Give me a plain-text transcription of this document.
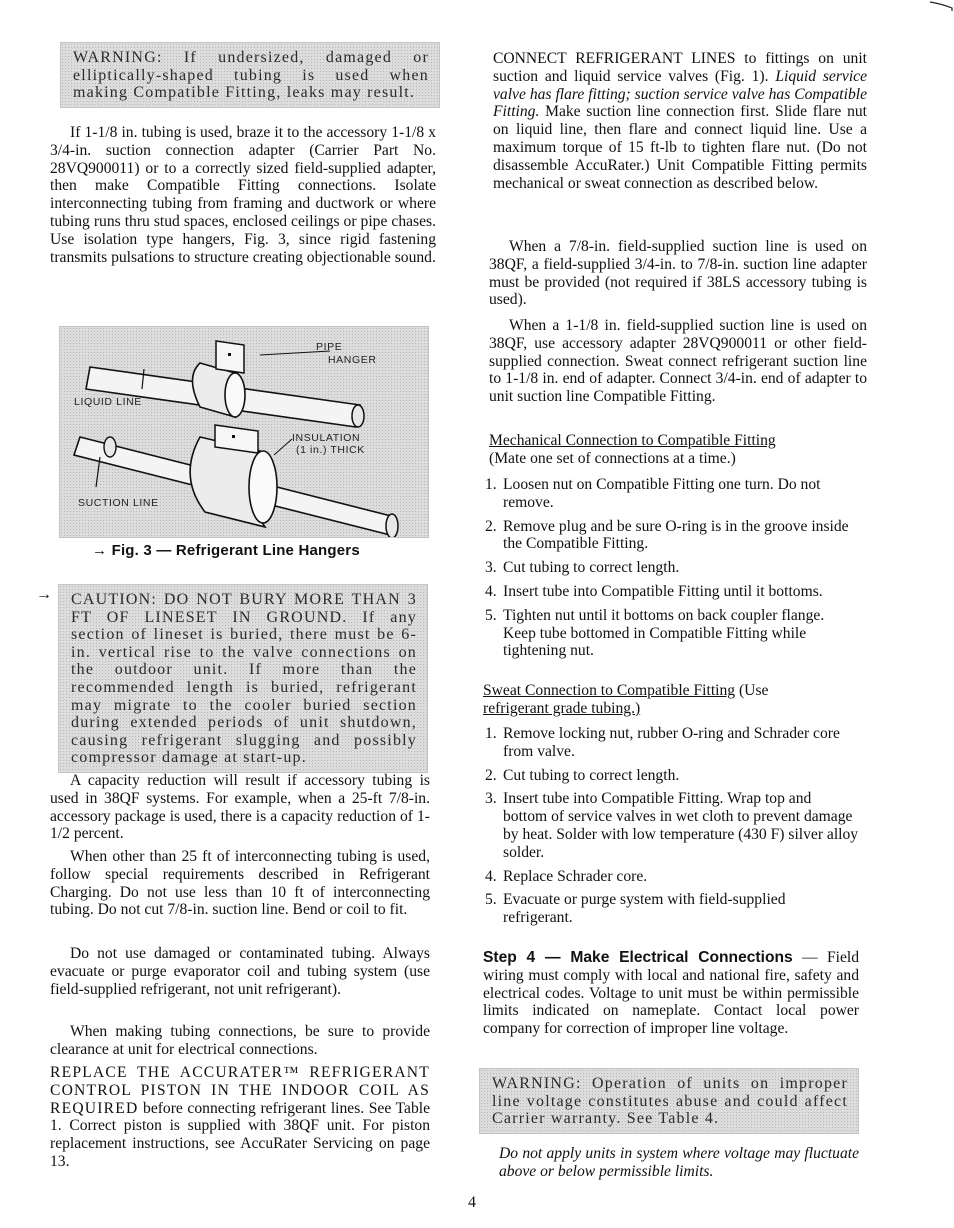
WARNING: If undersized, damaged or elliptically-shaped tubing is used when making Compatible Fitting, leaks may result.

If 1-1/8 in. tubing is used, braze it to the accessory 1-1/8 x 3/4-in. suction connection adapter (Carrier Part No. 28VQ900011) or to a correctly sized field-supplied adapter, then make Compatible Fitting connections. Isolate interconnecting tubing from framing and ductwork or where tubing runs thru stud spaces, enclosed ceilings or pipe chases. Use isolation type hangers, Fig. 3, since rigid fastening transmits pulsations to structure creating objectionable sound.

PIPE
HANGER
LIQUID LINE
INSULATION
(1 in.) THICK
SUCTION LINE
→ Fig. 3 — Refrigerant Line Hangers
→	CAUTION: DO NOT BURY MORE THAN 3 FT OF LINESET IN GROUND. If any section of lineset is buried, there must be 6-in. vertical rise to the valve connections on the outdoor unit. If more than the recommended length is buried, refrigerant may migrate to the cooler buried section during extended periods of unit shutdown, causing refrigerant slugging and possibly compressor damage at start-up.

A capacity reduction will result if accessory tubing is used in 38QF systems. For example, when a 25-ft 7/8-in. accessory package is used, there is a capacity reduction of 1-1/2 percent.

When other than 25 ft of interconnecting tubing is used, follow special requirements described in Refrigerant Charging. Do not use less than 10 ft of interconnecting tubing. Do not cut 7/8-in. suction line. Bend or coil to fit.

Do not use damaged or contaminated tubing. Always evacuate or purge evaporator coil and tubing system (use field-supplied refrigerant, not unit refrigerant).

When making tubing connections, be sure to provide clearance at unit for electrical connections.

REPLACE THE ACCURATER™ REFRIGERANT CONTROL PISTON IN THE INDOOR COIL AS REQUIRED before connecting refrigerant lines. See Table 1. Correct piston is supplied with 38QF unit. For piston replacement instructions, see AccuRater Servicing on page 13.

CONNECT REFRIGERANT LINES to fittings on unit suction and liquid service valves (Fig. 1). Liquid service valve has flare fitting; suction service valve has Compatible Fitting. Make suction line connection first. Slide flare nut on liquid line, then flare and connect liquid line. Use a maximum torque of 15 ft-lb to tighten flare nut. (Do not disassemble AccuRater.) Unit Compatible Fitting permits mechanical or sweat connection as described below.

When a 7/8-in. field-supplied suction line is used on 38QF, a field-supplied 3/4-in. to 7/8-in. suction line adapter must be provided (not required if 38LS accessory tubing is used).

When a 1-1/8 in. field-supplied suction line is used on 38QF, use accessory adapter 28VQ900011 or other field-supplied connection. Sweat connect refrigerant suction line to 1-1/8 in. end of adapter. Connect 3/4-in. end of adapter to unit suction line Compatible Fitting.

Mechanical Connection to Compatible Fitting

(Mate one set of connections at a time.)

1. Loosen nut on Compatible Fitting one turn. Do not remove.
2. Remove plug and be sure O-ring is in the groove inside the Compatible Fitting.
3. Cut tubing to correct length.
4. Insert tube into Compatible Fitting until it bottoms.
5. Tighten nut until it bottoms on back coupler flange. Keep tube bottomed in Compatible Fitting while tightening nut.

Sweat Connection to Compatible Fitting (Use

refrigerant grade tubing.)

1. Remove locking nut, rubber O-ring and Schrader core from valve.
2. Cut tubing to correct length.
3. Insert tube into Compatible Fitting. Wrap top and bottom of service valves in wet cloth to prevent damage by heat. Solder with low temperature (430 F) silver alloy solder.
4. Replace Schrader core.
5. Evacuate or purge system with field-supplied refrigerant.

Step 4 — Make Electrical Connections — Field wiring must comply with local and national fire, safety and electrical codes. Voltage to unit must be within permissible limits indicated on nameplate. Contact local power company for correction of improper line voltage.

WARNING: Operation of units on improper line voltage constitutes abuse and could affect Carrier warranty. See Table 4.

Do not apply units in system where voltage may fluctuate above or below permissible limits.

4
